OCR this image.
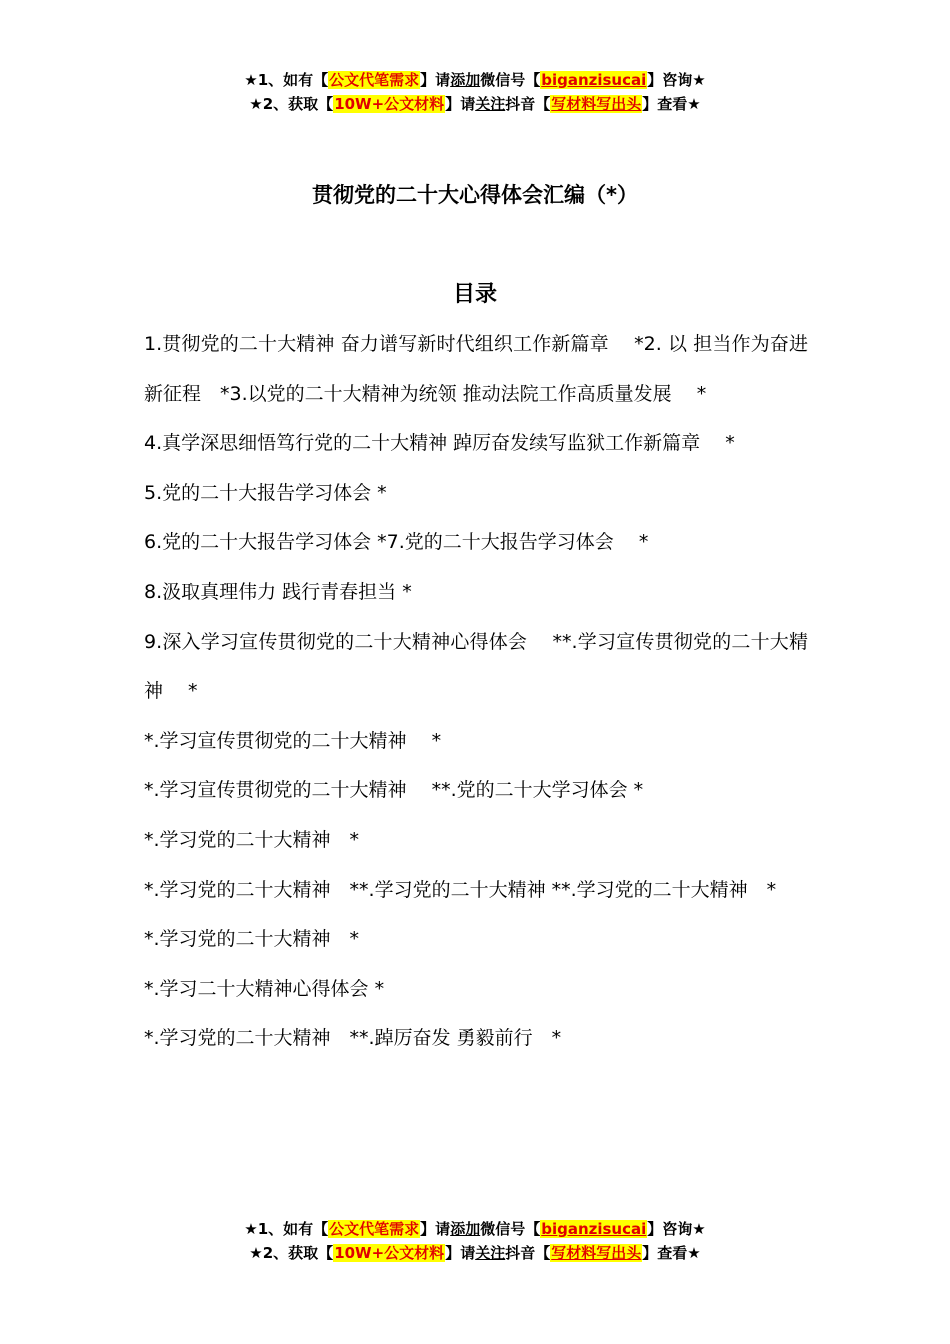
★1、如有【公文代笔需求】请添加微信号【biganzisucai】咨询★
★2、获取【10W+公文材料】请关注抖音【写材料写出头】查看★
贯彻党的二十大心得体会汇编（*）
目录

1.贯彻党的二十大精神 奋力谱写新时代组织工作新篇章　 *2. 以 担当作为奋进新征程　*3.以党的二十大精神为统领 推动法院工作高质量发展　 *

4.真学深思细悟笃行党的二十大精神 踔厉奋发续写监狱工作新篇章　 *

5.党的二十大报告学习体会 *

6.党的二十大报告学习体会 *7.党的二十大报告学习体会　 *

8.汲取真理伟力 践行青春担当 *

9.深入学习宣传贯彻党的二十大精神心得体会　 **.学习宣传贯彻党的二十大精神　 *

*.学习宣传贯彻党的二十大精神　 *

*.学习宣传贯彻党的二十大精神　 **.党的二十大学习体会 *

*.学习党的二十大精神　*

*.学习党的二十大精神　**.学习党的二十大精神 **.学习党的二十大精神　*

*.学习党的二十大精神　*

*.学习二十大精神心得体会 *

*.学习党的二十大精神　**.踔厉奋发 勇毅前行　*

★1、如有【公文代笔需求】请添加微信号【biganzisucai】咨询★
★2、获取【10W+公文材料】请关注抖音【写材料写出头】查看★
